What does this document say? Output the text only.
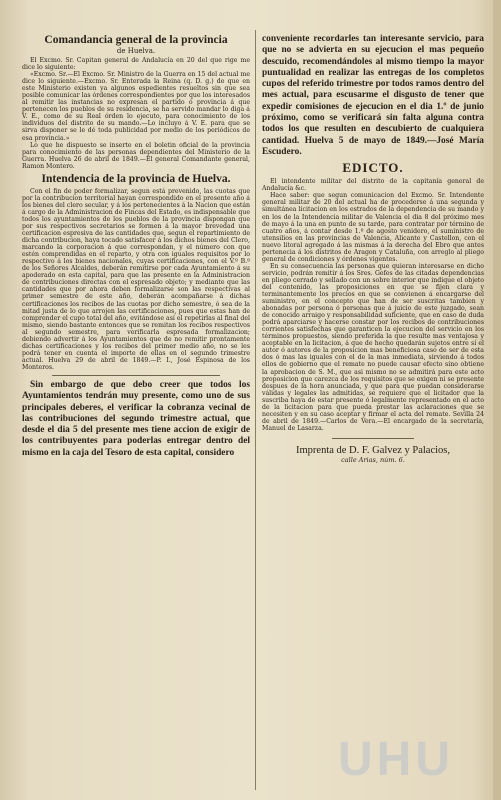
Comandancia general de la provincia
de Huelva.

El Excmo. Sr. Capitan general de Andalucía en 20 del que rige me dice lo siguiente:

«Excmo. Sr.—El Excmo. Sr. Ministro de la Guerra en 15 del actual me dice lo siguiente.—Excmo. Sr. Enterada la Reina (q. D. g.) de que en este Ministerio existen ya algunos espedientes resueltos sin que sea posible comunicar las órdenes correspondientes por que los interesados al remitir las instancias no expresan el partido ó provincia á que pertenecen los pueblos de su residencia, se ha servido mandar lo diga á V. E., como de su Real órden lo ejecuto, para conocimiento de los individuos del distrito de su mando.—Lo incluyo á V. E. para que se sirva disponer se le dé toda publicidad por medio de los periódicos de esa provincia.»

Lo que he dispuesto se inserte en el boletin oficial de la provincia para conocimiento de las personas dependientes del Ministerio de la Guerra. Huelva 26 de abril de 1849.—El general Comandante general, Ramon Montero.

Intendencia de la provincia de Huelva.

Con el fin de poder formalizar, segun está prevenido, las cuotas que por la contribucion territorial hayan correspondido en el presente año á los bienes del clero secular, y á los pertenecientes á la Nacion que están á cargo de la Administracion de Fincas del Estado, es indispensable que todos los ayuntamientos de los pueblos de la provincia dispongan que por sus respectivos secretarios se formen á la mayor brevedad una certificacion espresiva de las cantidades que, segun el repartimiento de dicha contribucion, haya tocado satisfacer á los dichos bienes del Clero, marcando la corporacion á que correspondan, y el número con que estén comprendidas en el reparto, y otra con iguales requisitos por lo respectivo á los bienes nacionales, cuyas certificaciones, con el V.º B.º de los Señores Alcaldes, deberán remitirse por cada Ayuntamiento á su apoderado en esta capital, para que las presente en la Administracion de contribuciones directas con el espresado objeto; y mediante que las cantidades que por ahora deben formalizarse son las respectivas al primer semestre de este año, deberán acompañarse á dichas certificaciones los recibos de las cuotas por dicho semestre, ó sea de la mitad justa de lo que arrojen las certificaciones, pues que estas han de comprender el cupo total del año, evitándose así el repetirlas al final del mismo, siendo bastante entonces que se remitan los recibos respectivos al segundo semestre, para verificarla espresada formalizacion; debiendo advertir á los Ayuntamientos que de no remitir prontamente dichas certificaciones y los recibos del primer medio año, no se les podrá tener en cuenta el importe de ellas en el segundo trimestre actual. Huelva 29 de abril de 1849.—P. I., José Espinosa de los Monteros.

Sin embargo de que debo creer que todos los Ayuntamientos tendrán muy presente, como uno de sus principales deberes, el verificar la cobranza vecinal de las contribuciones del segundo trimestre actual, que desde el dia 5 del presente mes tiene accion de exigir de los contribuyentes para poderlas entregar dentro del mismo en la caja del Tesoro de esta capital, considero

conveniente recordarles tan interesante servicio, para que no se advierta en su ejecucion el mas pequeño descuido, recomendándoles al mismo tiempo la mayor puntualidad en realizar las entregas de los completos cupos del referido trimestre por todos ramos dentro del mes actual, para escusarme el disgusto de tener que expedir comisiones de ejecucion en el dia 1.º de junio próximo, como se verificará sin falta alguna contra todos los que resulten en descubierto de cualquiera cantidad. Huelva 5 de mayo de 1849.—José María Escudero.

EDICTO.

El intendente militar del distrito de la capitanía general de Andalucía &c.

Hace saber: que segun comunicacion del Excmo. Sr. Intendente general militar de 20 del actual ha de procederse á una segunda y simultánea licitacion en los estrados de la dependencia de su mando y en los de la Intendencia militar de Valencia el dia 8 del próximo mes de mayo á la una en punto de su tarde, para contratar por término de cuatro años, á contar desde 1.º de agosto venidero, el suministro de utensilios en las provincias de Valencia, Alicante y Castellon, con el nuevo litoral agregado á las mismas á la derecha del Ebro que antes pertenecia á los distritos de Aragon y Cataluña, con arreglo al pliego general de condiciones y órdenes vigentes.

En su consecuencia las personas que quieran interesarse en dicho servicio, podrán remitir á los Sres. Gefes de las citadas dependencias en pliego cerrado y sellado con un sobre interior que indique el objeto del contenido, las proposiciones en que se fijen clara y terminantemente los precios en que se convienen á encargarse del suministro, en el concepto que han de ser suscritas tambien y abonadas por persona ó personas que á juicio de este juzgado, sean de conocido arraigo y responsabilidad suficiente, que en caso de duda podrá aparciarse y hacerse constar por los recibos de contribuciones corrientes satisfechas que garanticen la ejecucion del servicio en los términos propuestos, siendo preferida la que resulte mas ventajosa y aceptable en la licitacion, á que de hecho quedarán sujetos entre sí el autor ó autores de la proposicion mas beneficiosa caso de ser de esta dos ó mas las iguales con el de la mas inmediata, sirviendo á todos ellos de gobierno que el remate no puede causar efecto sino obtiene la aprobacion de S. M., que asi mismo no se admitirá para este acto proposicion que carezca de los requisitos que se exigen ni se presente despues de la hora anunciada, y que para que puedan considerarse válidas y legales las admitidas, se requiere que el licitador que la suscriba haya de estar presente ó legalmente representado en el acto de la licitacion para que pueda prestar las aclaraciones que se necesiten y en su caso aceptar y firmar el acta del remate. Sevilla 24 de abril de 1849.—Carlos de Vera.—El encargado de la secretaría, Manuel de Lasarza.

Imprenta de D. F. Galvez y Palacios,
calle Arias, núm. 6.
UHU
